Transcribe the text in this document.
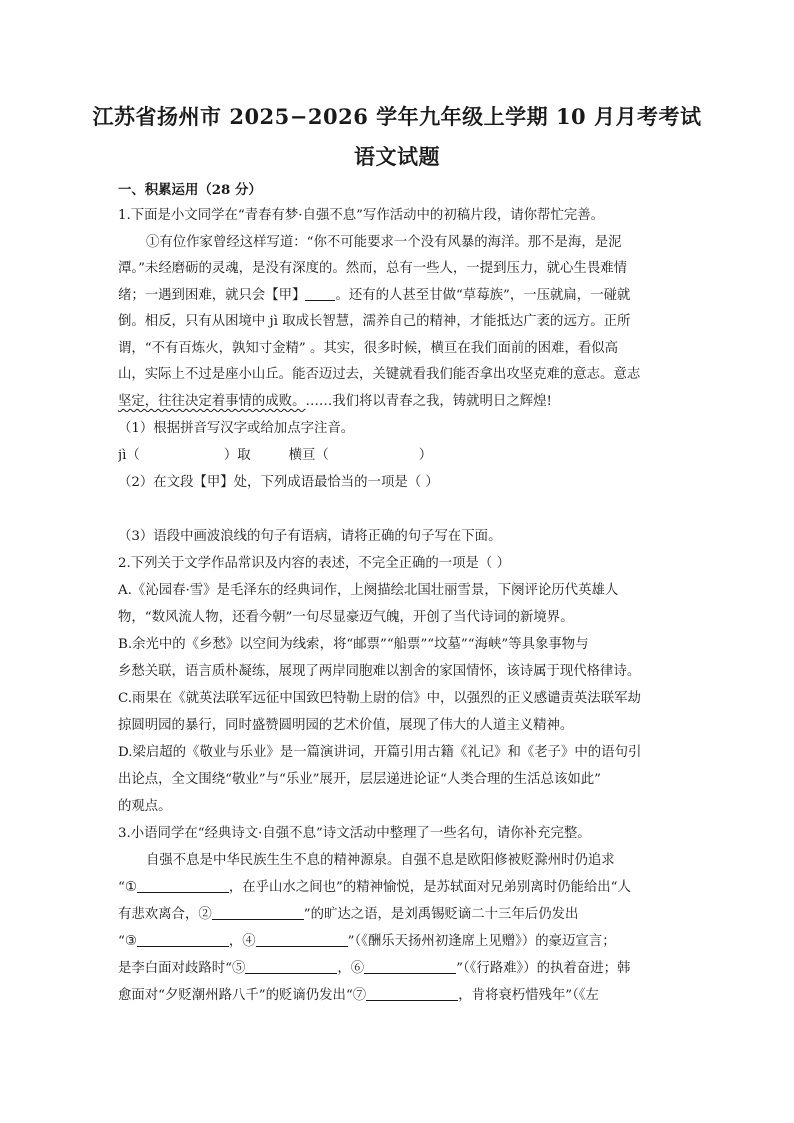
江苏省扬州市 2025−2026 学年九年级上学期 10 月月考考试
语文试题
一、积累运用（28 分）
1.下面是小文同学在“青春有梦·自强不息”写作活动中的初稿片段，请你帮忙完善。
①有位作家曾经这样写道：“你不可能要求一个没有风暴的海洋。那不是海，是泥
潭。”未经磨砺的灵魂，是没有深度的。然而，总有一些人，一提到压力，就心生畏难情
绪；一遇到困难，就只会【甲】 。还有的人甚至甘做“草莓族”，一压就扁，一碰就
倒。相反，只有从困境中 jì 取成长智慧，濡养自己的精神，才能抵达广袤的远方。正所
谓，“不有百炼火，孰知寸金精” 。其实，很多时候，横亘在我们面前的困难，看似高
山，实际上不过是座小山丘。能否迈过去，关键就看我们能否拿出攻坚克难的意志。意志
坚定，往往决定着事情的成败。……我们将以青春之我，铸就明日之辉煌!
（1）根据拼音写汉字或给加点字注音。
jì（	）取	横亘（	）
（2）在文段【甲】处，下列成语最恰当的一项是（ ）
（3）语段中画波浪线的句子有语病，请将正确的句子写在下面。
2.下列关于文学作品常识及内容的表述，不完全正确的一项是（ ）
A.《沁园春·雪》是毛泽东的经典词作，上阕描绘北国壮丽雪景，下阕评论历代英雄人
物，“数风流人物，还看今朝”一句尽显豪迈气魄，开创了当代诗词的新境界。
B.余光中的《乡愁》以空间为线索，将“邮票”“船票”“坟墓”“海峡”等具象事物与
乡愁关联，语言质朴凝练，展现了两岸同胞难以割舍的家国情怀，该诗属于现代格律诗。
C.雨果在《就英法联军远征中国致巴特勒上尉的信》中，以强烈的正义感谴责英法联军劫
掠圆明园的暴行，同时盛赞圆明园的艺术价值，展现了伟大的人道主义精神。
D.梁启超的《敬业与乐业》是一篇演讲词，开篇引用古籍《礼记》和《老子》中的语句引
出论点，全文围绕“敬业”与“乐业”展开，层层递进论证“人类合理的生活总该如此”
的观点。
3.小语同学在“经典诗文·自强不息”诗文活动中整理了一些名句，请你补充完整。
自强不息是中华民族生生不息的精神源泉。自强不息是欧阳修被贬滁州时仍追求
“①	，在乎山水之间也”的精神愉悦，是苏轼面对兄弟别离时仍能给出“人
有悲欢离合，②	”的旷达之语，是刘禹锡贬谪二十三年后仍发出
“③	，④	”（《酬乐天扬州初逢席上见赠》）的豪迈宣言；
是李白面对歧路时“⑤	，⑥	”（《行路难》）的执着奋进；韩
愈面对“夕贬潮州路八千”的贬谪仍发出“⑦	，肯将衰朽惜残年”（《左
